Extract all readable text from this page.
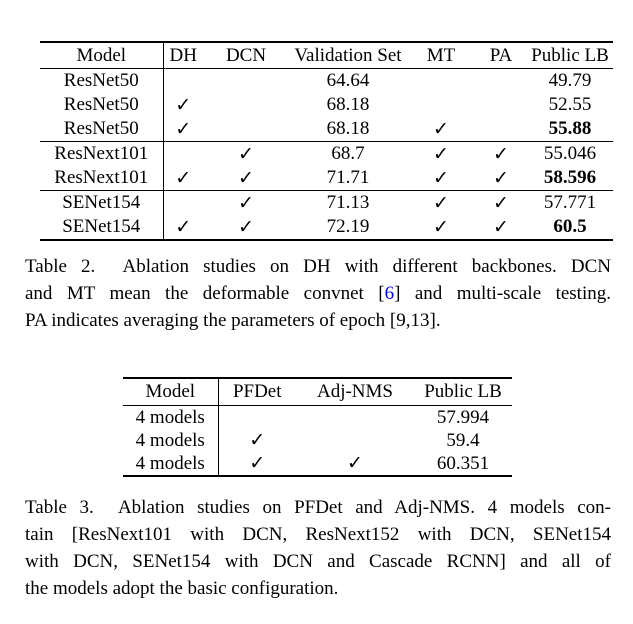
Model	DH	DCN	Validation Set	MT	PA	Public LB
ResNet50			64.64			49.79
ResNet50	✓		68.18			52.55
ResNet50	✓		68.18	✓		55.88
ResNext101		✓	68.7	✓	✓	55.046
ResNext101	✓	✓	71.71	✓	✓	58.596
SENet154		✓	71.13	✓	✓	57.771
SENet154	✓	✓	72.19	✓	✓	60.5
Table 2.  Ablation studies on DH with different backbones. DCN
and MT mean the deformable convnet [6] and multi-scale testing.
PA indicates averaging the parameters of epoch [9,13].
Model	PFDet	Adj-NMS	Public LB
4 models			57.994
4 models	✓		59.4
4 models	✓	✓	60.351
Table 3.  Ablation studies on PFDet and Adj-NMS. 4 models con-
tain [ResNext101 with DCN, ResNext152 with DCN, SENet154
with DCN, SENet154 with DCN and Cascade RCNN] and all of
the models adopt the basic configuration.
